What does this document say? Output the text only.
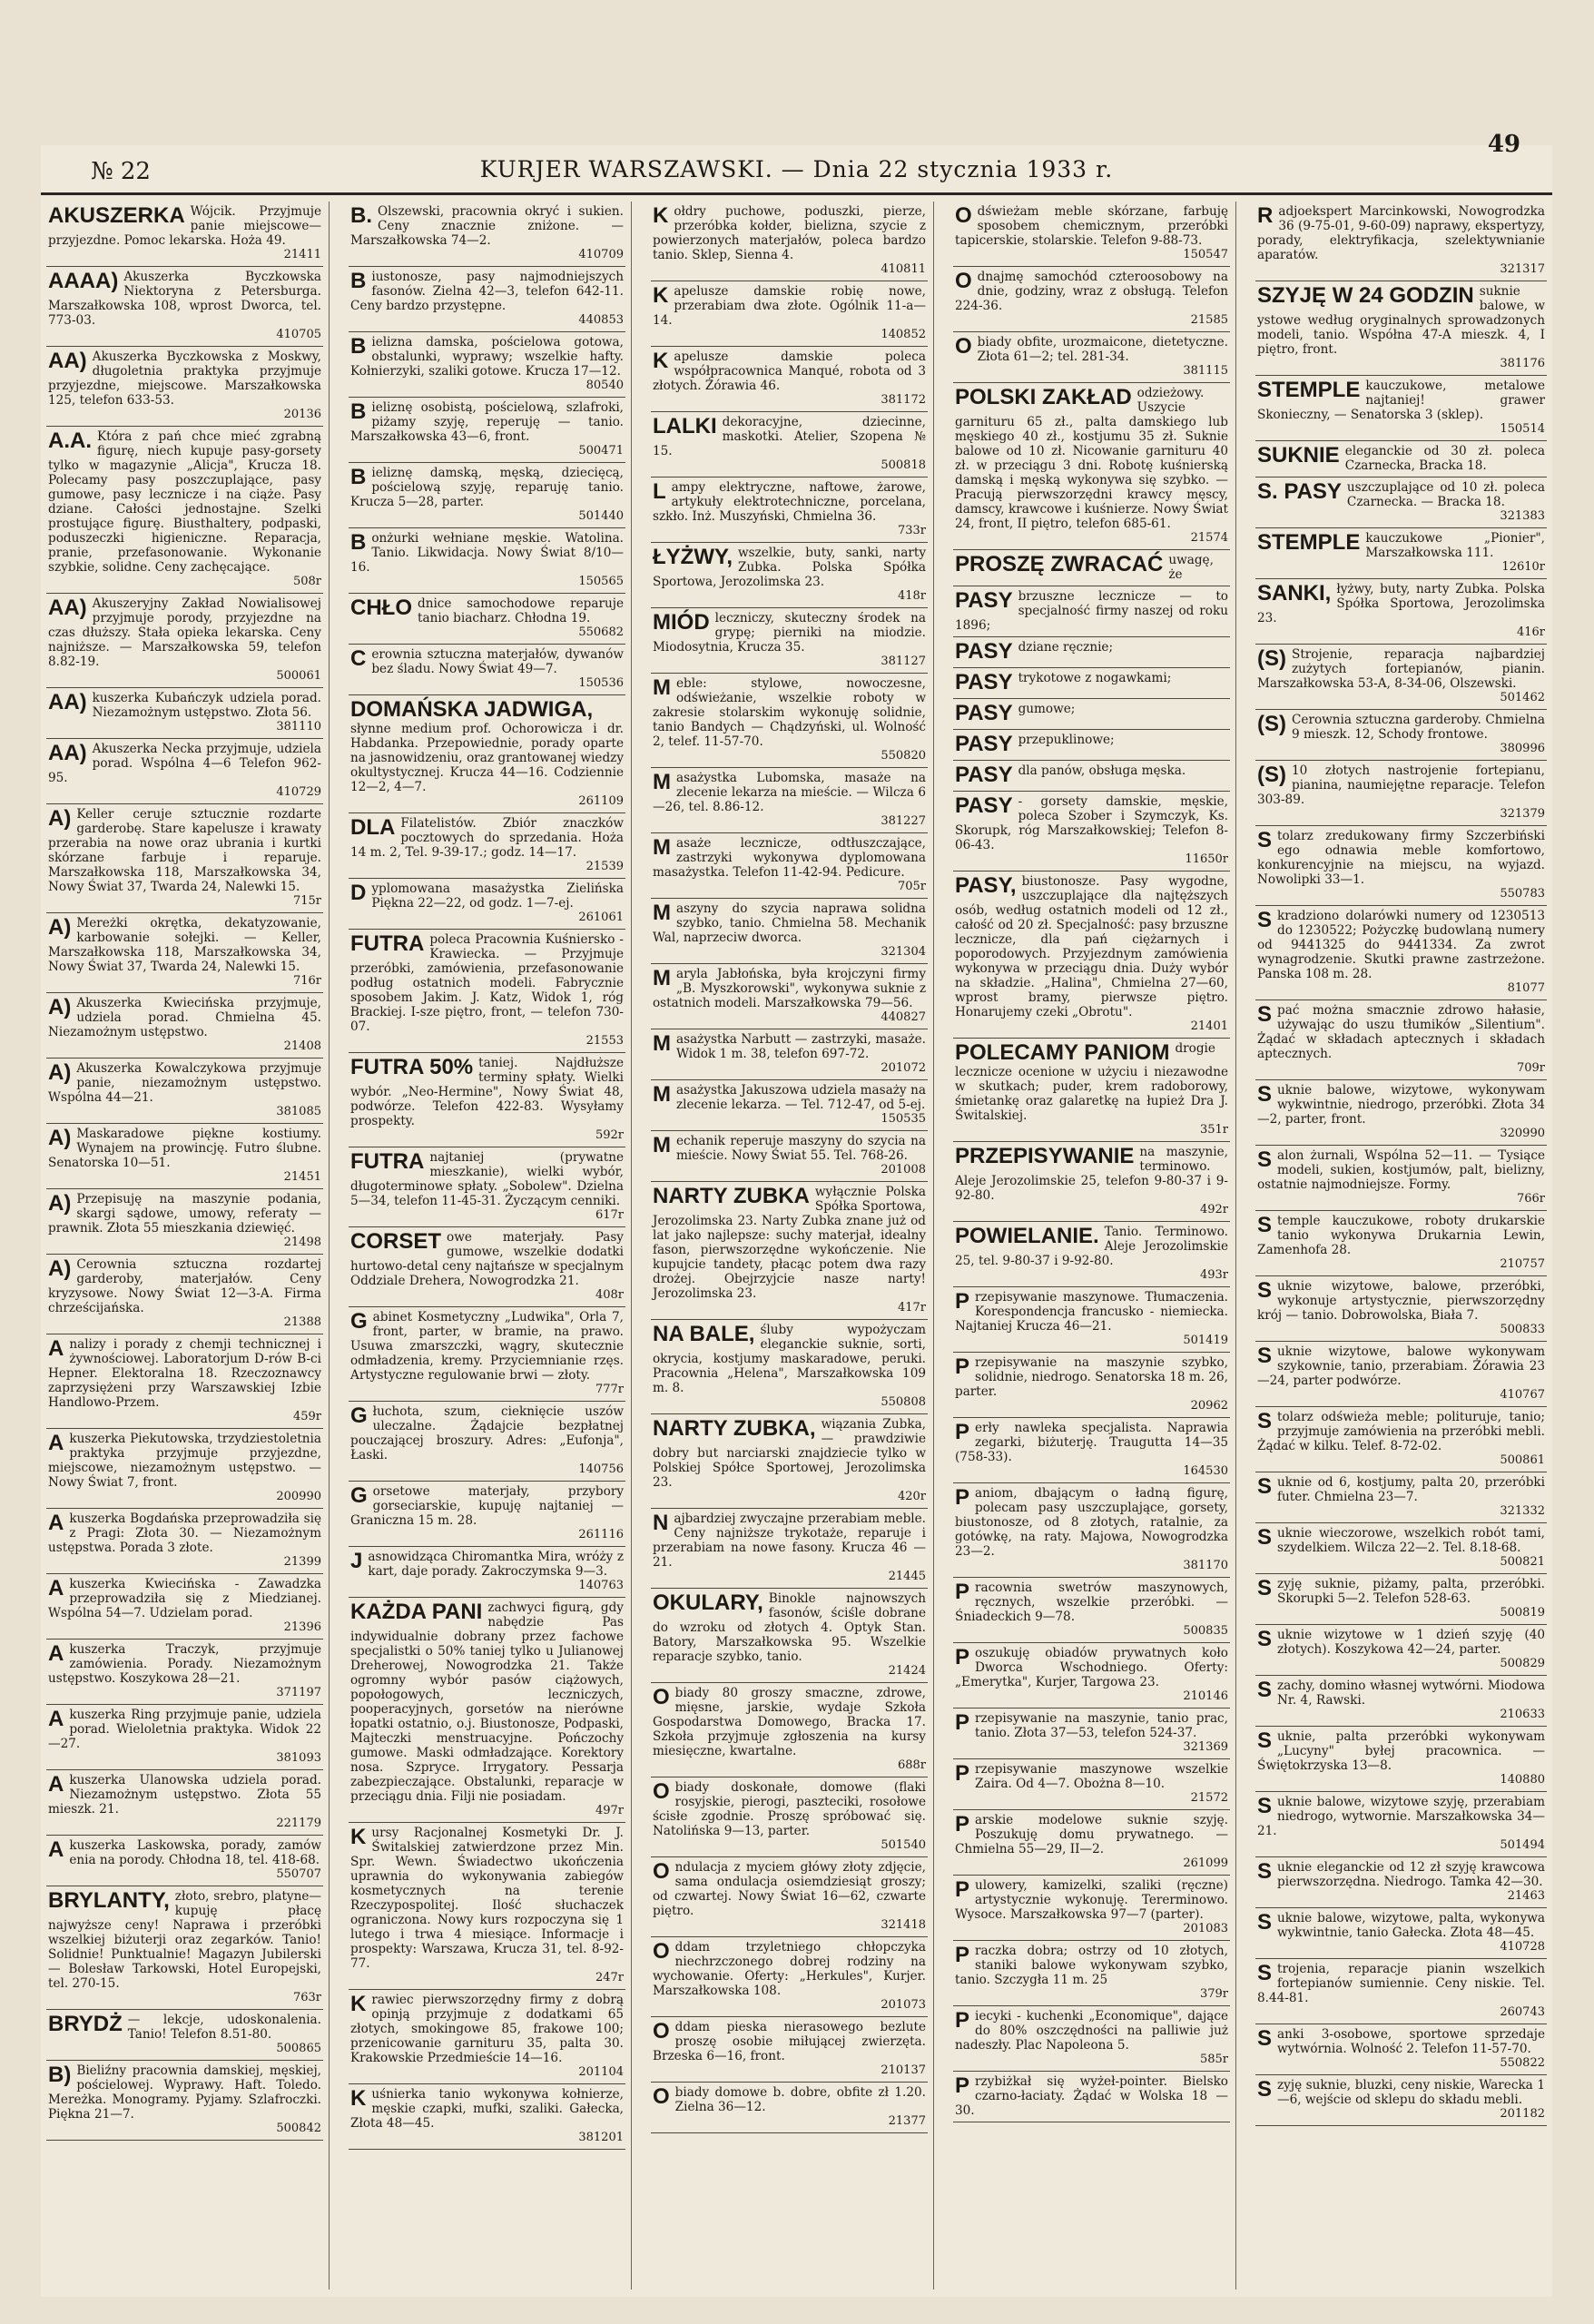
№ 22	KURJER WARSZAWSKI. — Dnia 22 stycznia 1933 r.
49
AKUSZERKA Wójcik. Przyjmuje panie miejscowe—przyjezdne. Pomoc lekarska. Hoża 49.
21411
AAAA) Akuszerka Byczkowska Niektoryna z Petersburga. Marszałkowska 108, wprost Dworca, tel. 773-03.
410705
AA) Akuszerka Byczkowska z Moskwy, długoletnia praktyka przyjmuje przyjezdne, miejscowe. Marszałkowska 125, telefon 633-53.
20136
A.A. Która z pań chce mieć zgrabną figurę, niech kupuje pasy-gorsety tylko w magazynie „Alicja", Krucza 18. Polecamy pasy poszczuplające, pasy gumowe, pasy lecznicze i na ciąże. Pasy dziane. Całości jednostajne. Szelki prostujące figurę. Biusthaltery, podpaski, poduszeczki higieniczne. Reparacja, pranie, przefasonowanie. Wykonanie szybkie, solidne. Ceny zachęcające.
508r
AA) Akuszeryjny Zakład Nowialisowej przyjmuje porody, przyjezdne na czas dłuższy. Stała opieka lekarska. Ceny najniższe. — Marszałkowska 59, telefon 8.82-19.
500061
AA) kuszerka Kubańczyk udziela porad. Niezamożnym ustępstwo. Złota 56.
381110
AA) Akuszerka Necka przyjmuje, udziela porad. Wspólna 4—6 Telefon 962-95.
410729
A) Keller ceruje sztucznie rozdarte garderobę. Stare kapelusze i krawaty przerabia na nowe oraz ubrania i kurtki skórzane farbuje i reparuje. Marszałkowska 118, Marszałkowska 34, Nowy Świat 37, Twarda 24, Nalewki 15.
715r
A) Mereżki okrętka, dekatyzowanie, karbowanie sołejki. — Keller, Marszałkowska 118, Marszałkowska 34, Nowy Świat 37, Twarda 24, Nalewki 15.
716r
A) Akuszerka Kwiecińska przyjmuje, udziela porad. Chmielna 45. Niezamożnym ustępstwo.
21408
A) Akuszerka Kowalczykowa przyjmuje panie, niezamożnym ustępstwo. Wspólna 44—21.
381085
A) Maskaradowe piękne kostiumy. Wynajem na prowincję. Futro ślubne. Senatorska 10—51.
21451
A) Przepisuję na maszynie podania, skargi sądowe, umowy, referaty — prawnik. Złota 55 mieszkania dziewięć.
21498
A) Cerownia sztuczna rozdartej garderoby, materjałów. Ceny kryzysowe. Nowy Świat 12—3-A. Firma chrześcijańska.
21388
Analizy i porady z chemji technicznej i żywnościowej. Laboratorjum D-rów B-ci Hepner. Elektoralna 18. Rzeczoznawcy zaprzysiężeni przy Warszawskiej Izbie Handlowo-Przem.
459r
Akuszerka Piekutowska, trzydziestoletnia praktyka przyjmuje przyjezdne, miejscowe, niezamożnym ustępstwo. — Nowy Świat 7, front.
200990
Akuszerka Bogdańska przeprowadziła się z Pragi: Złota 30. — Niezamożnym ustępstwa. Porada 3 złote.
21399
Akuszerka Kwiecińska - Zawadzka przeprowadziła się z Miedzianej. Wspólna 54—7. Udzielam porad.
21396
Akuszerka Traczyk, przyjmuje zamówienia. Porady. Niezamożnym ustępstwo. Koszykowa 28—21.
371197
Akuszerka Ring przyjmuje panie, udziela porad. Wieloletnia praktyka. Widok 22—27.
381093
Akuszerka Ulanowska udziela porad. Niezamożnym ustępstwo. Złota 55 mieszk. 21.
221179
Akuszerka Laskowska, porady, zamów enia na porody. Chłodna 18, tel. 418-68.
550707
BRYLANTY, złoto, srebro, platyne—kupuję płacę najwyższe ceny! Naprawa i przeróbki wszelkiej biżuterji oraz zegarków. Tanio! Solidnie! Punktualnie! Magazyn Jubilerski — Bolesław Tarkowski, Hotel Europejski, tel. 270-15.
763r
BRYDŻ — lekcje, udoskonalenia. Tanio! Telefon 8.51-80.
500865
B) Bieliźny pracownia damskiej, męskiej, pościelowej. Wyprawy. Haft. Toledo. Mereżka. Monogramy. Pyjamy. Szlafroczki. Piękna 21—7.
500842
B. Olszewski, pracownia okryć i sukien. Ceny znacznie zniżone. — Marszałkowska 74—2.
410709
Biustonosze, pasy najmodniejszych fasonów. Zielna 42—3, telefon 642-11. Ceny bardzo przystępne.
440853
Bielizna damska, pościelowa gotowa, obstalunki, wyprawy; wszelkie hafty. Kołnierzyki, szaliki gotowe. Krucza 17—12.
80540
Bieliznę osobistą, pościelową, szlafroki, piżamy szyję, reperuję — tanio. Marszałkowska 43—6, front.
500471
Bieliznę damską, męską, dziecięcą, pościelową szyję, reparuję tanio. Krucza 5—28, parter.
501440
Bonżurki wełniane męskie. Watolina. Tanio. Likwidacja. Nowy Świat 8/10—16.
150565
CHŁO dnice samochodowe reparuje tanio biacharz. Chłodna 19.
550682
Cerownia sztuczna materjałów, dywanów bez śladu. Nowy Świat 49—7.
150536
DOMAŃSKA JADWIGA,
słynne medium prof. Ochorowicza i dr. Habdanka. Przepowiednie, porady oparte na jasnowidzeniu, oraz grantowanej wiedzy okultystycznej. Krucza 44—16. Codziennie 12—2, 4—7.
261109
DLA Filatelistów. Zbiór znaczków pocztowych do sprzedania. Hoża 14 m. 2, Tel. 9-39-17.; godz. 14—17.
21539
Dyplomowana masażystka Zielińska Piękna 22—22, od godz. 1—7-ej.
261061
FUTRA poleca Pracownia Kuśniersko - Krawiecka. — Przyjmuje przeróbki, zamówienia, przefasonowanie podług ostatnich modeli. Fabrycznie sposobem Jakim. J. Katz, Widok 1, róg Brackiej. I-sze piętro, front, — telefon 730-07.
21553
FUTRA 50% taniej. Najdłuższe terminy spłaty. Wielki wybór. „Neo-Hermine", Nowy Świat 48, podwórze. Telefon 422-83. Wysyłamy prospekty.
592r
FUTRA najtaniej (prywatne mieszkanie), wielki wybór, długoterminowe spłaty. „Sobolew". Dzielna 5—34, telefon 11-45-31. Życzącym cenniki.
617r
CORSET owe materjały. Pasy gumowe, wszelkie dodatki hurtowo-detal ceny najtańsze w specjalnym Oddziale Drehera, Nowogrodzka 21.
408r
Gabinet Kosmetyczny „Ludwika", Orla 7, front, parter, w bramie, na prawo. Usuwa zmarszczki, wągry, skutecznie odmładzenia, kremy. Przyciemnianie rzęs. Artystyczne regulowanie brwi — złoty.
777r
Głuchota, szum, cieknięcie uszów uleczalne. Żądajcie bezpłatnej pouczającej broszury. Adres: „Eufonja", Łaski.
140756
Gorsetowe materjały, przybory gorseciarskie, kupuję najtaniej — Graniczna 15 m. 28.
261116
Jasnowidząca Chiromantka Mira, wróży z kart, daje porady. Zakroczymska 9—3.
140763
KAŻDA PANI zachwyci figurą, gdy nabędzie Pas indywidualnie dobrany przez fachowe specjalistki o 50% taniej tylko u Julianowej Dreherowej, Nowogrodzka 21. Także ogromny wybór pasów ciążowych, popołogowych, leczniczych, pooperacyjnych, gorsetów na nierówne łopatki ostatnio, o.j. Biustonosze, Podpaski, Majteczki menstruacyjne. Pończochy gumowe. Maski odmładzające. Korektory nosa. Szpryce. Irrygatory. Pessarja zabezpieczające. Obstalunki, reparacje w przeciągu dnia. Filji nie posiadam.
497r
Kursy Racjonalnej Kosmetyki Dr. J. Świtalskiej zatwierdzone przez Min. Spr. Wewn. Świadectwo ukończenia uprawnia do wykonywania zabiegów kosmetycznych na terenie Rzeczypospolitej. Ilość słuchaczek ograniczona. Nowy kurs rozpoczyna się 1 lutego i trwa 4 miesiące. Informacje i prospekty: Warszawa, Krucza 31, tel. 8-92-77.
247r
Krawiec pierwszorzędny firmy z dobrą opinją przyjmuje z dodatkami 65 złotych, smokingowe 85, frakowe 100; przenicowanie garnituru 35, palta 30. Krakowskie Przedmieście 14—16.
201104
Kuśnierka tanio wykonywa kołnierze, męskie czapki, mufki, szaliki. Gałecka, Złota 48—45.
381201
Kołdry puchowe, poduszki, pierze, przeróbka kołder, bielizna, szycie z powierzonych materjałów, poleca bardzo tanio. Sklep, Sienna 4.
410811
Kapelusze damskie robię nowe, przerabiam dwa złote. Ogólnik 11-a—14.
140852
Kapelusze damskie poleca współpracownica Manqué, robota od 3 złotych. Żórawia 46.
381172
LALKI dekoracyjne, dziecinne, maskotki. Atelier, Szopena № 15.
500818
Lampy elektryczne, naftowe, żarowe, artykuły elektrotechniczne, porcelana, szkło. Inż. Muszyński, Chmielna 36.
733r
ŁYŻWY, wszelkie, buty, sanki, narty Zubka. Polska Spółka Sportowa, Jerozolimska 23.
418r
MIÓD leczniczy, skuteczny środek na grypę; pierniki na miodzie. Miodosytnia, Krucza 35.
381127
Meble: stylowe, nowoczesne, odświeżanie, wszelkie roboty w zakresie stolarskim wykonuję solidnie, tanio Bandych — Chądzyński, ul. Wolność 2, telef. 11-57-70.
550820
Masażystka Lubomska, masaże na zlecenie lekarza na mieście. — Wilcza 6—26, tel. 8.86-12.
381227
Masaże lecznicze, odtłuszczające, zastrzyki wykonywa dyplomowana masażystka. Telefon 11-42-94. Pedicure.
705r
Maszyny do szycia naprawa solidna szybko, tanio. Chmielna 58. Mechanik Wal, naprzeciw dworca.
321304
Maryla Jabłońska, była krojczyni firmy „B. Myszkorowski", wykonywa suknie z ostatnich modeli. Marszałkowska 79—56.
440827
Masażystka Narbutt — zastrzyki, masaże. Widok 1 m. 38, telefon 697-72.
201072
Masażystka Jakuszowa udziela masaży na zlecenie lekarza. — Tel. 712-47, od 5-ej.
150535
Mechanik reperuje maszyny do szycia na mieście. Nowy Świat 55. Tel. 768-26.
201008
NARTY ZUBKA wyłącznie Polska Spółka Sportowa, Jerozolimska 23. Narty Zubka znane już od lat jako najlepsze: suchy materjał, idealny fason, pierwszorzędne wykończenie. Nie kupujcie tandety, płacąc potem dwa razy drożej. Obejrzyjcie nasze narty! Jerozolimska 23.
417r
NA BALE, śluby wypożyczam eleganckie suknie, sorti, okrycia, kostjumy maskaradowe, peruki. Pracownia „Helena", Marszałkowska 109 m. 8.
550808
NARTY ZUBKA, wiązania Zubka, — prawdziwie dobry but narciarski znajdziecie tylko w Polskiej Spółce Sportowej, Jerozolimska 23.
420r
Najbardziej zwyczajne przerabiam meble. Ceny najniższe trykotaże, reparuje i przerabiam na nowe fasony. Krucza 46 — 21.
21445
OKULARY, Binokle najnowszych fasonów, ściśle dobrane do wzroku od złotych 4. Optyk Stan. Batory, Marszałkowska 95. Wszelkie reparacje szybko, tanio.
21424
Obiady 80 groszy smaczne, zdrowe, mięsne, jarskie, wydaje Szkoła Gospodarstwa Domowego, Bracka 17. Szkoła przyjmuje zgłoszenia na kursy miesięczne, kwartalne.
688r
Obiady doskonałe, domowe (flaki rosyjskie, pierogi, paszteciki, rosołowe ścisłe zgodnie. Proszę spróbować się. Natolińska 9—13, parter.
501540
Ondulacja z myciem główy złoty zdjęcie, sama ondulacja osiemdziesiąt groszy; od czwartej. Nowy Świat 16—62, czwarte piętro.
321418
Oddam trzyletniego chłopczyka niechrzczonego dobrej rodziny na wychowanie. Oferty: „Herkules", Kurjer. Marszałkowska 108.
201073
Oddam pieska nierasowego bezlute proszę osobie miłującej zwierzęta. Brzeska 6—16, front.
210137
Obiady domowe b. dobre, obfite zł 1.20. Zielna 36—12.
21377
Odświeżam meble skórzane, farbuję sposobem chemicznym, przeróbki tapicerskie, stolarskie. Telefon 9-88-73.
150547
Odnajmę samochód czteroosobowy na dnie, godziny, wraz z obsługą. Telefon 224-36.
21585
Obiady obfite, urozmaicone, dietetyczne. Złota 61—2; tel. 281-34.
381115
POLSKI ZAKŁAD odzieżowy. Uszycie garnituru 65 zł., palta damskiego lub męskiego 40 zł., kostjumu 35 zł. Suknie balowe od 10 zł. Nicowanie garnituru 40 zł. w przeciągu 3 dni. Robotę kuśnierską damską i męską wykonywa się szybko. — Pracują pierwszorzędni krawcy męscy, damscy, krawcowe i kuśnierze. Nowy Świat 24, front, II piętro, telefon 685-61.
21574
PROSZĘ ZWRACAĆ uwagę, że
PASY brzuszne lecznicze — to specjalność firmy naszej od roku 1896;
PASY dziane ręcznie;
PASY trykotowe z nogawkami;
PASY gumowe;
PASY przepuklinowe;
PASY dla panów, obsługa męska.
PASY - gorsety damskie, męskie, poleca Szober i Szymczyk, Ks. Skorupk, róg Marszałkowskiej; Telefon 8-06-43.
11650r
PASY, biustonosze. Pasy wygodne, uszczuplające dla najtęższych osób, według ostatnich modeli od 12 zł., całość od 20 zł. Specjalność: pasy brzuszne lecznicze, dla pań ciężarnych i poporodowych. Przyjezdnym zamówienia wykonywa w przeciągu dnia. Duży wybór na składzie. „Halina", Chmielna 27—60, wprost bramy, pierwsze piętro. Honarujemy czeki „Obrotu".
21401
POLECAMY PANIOM drogie lecznicze ocenione w użyciu i niezawodne w skutkach; puder, krem radoborowy, śmietankę oraz galaretkę na łupież Dra J. Świtalskiej.
351r
PRZEPISYWANIE na maszynie, terminowo. Aleje Jerozolimskie 25, telefon 9-80-37 i 9-92-80.
492r
POWIELANIE. Tanio. Terminowo. Aleje Jerozolimskie 25, tel. 9-80-37 i 9-92-80.
493r
Przepisywanie maszynowe. Tłumaczenia. Korespondencja francusko - niemiecka. Najtaniej Krucza 46—21.
501419
Przepisywanie na maszynie szybko, solidnie, niedrogo. Senatorska 18 m. 26, parter.
20962
Perły nawleka specjalista. Naprawia zegarki, biżuterję. Traugutta 14—35 (758-33).
164530
Paniom, dbającym o ładną figurę, polecam pasy uszczuplające, gorsety, biustonosze, od 8 złotych, ratalnie, za gotówkę, na raty. Majowa, Nowogrodzka 23—2.
381170
Pracownia swetrów maszynowych, ręcznych, wszelkie przeróbki. — Śniadeckich 9—78.
500835
Poszukuję obiadów prywatnych koło Dworca Wschodniego. Oferty: „Emerytka", Kurjer, Targowa 23.
210146
Przepisywanie na maszynie, tanio prac, tanio. Złota 37—53, telefon 524-37.
321369
Przepisywanie maszynowe wszelkie Zaira. Od 4—7. Obożna 8—10.
21572
Parskie modelowe suknie szyję. Poszukuję domu prywatnego. — Chmielna 55—29, II—2.
261099
Pulowery, kamizelki, szaliki (ręczne) artystycznie wykonuję. Tererminowo. Wysoce. Marszałkowska 97—7 (parter).
201083
Praczka dobra; ostrzy od 10 złotych, staniki balowe wykonywam szybko, tanio. Szczygła 11 m. 25
379r
Piecyki - kuchenki „Economique", dające do 80% oszczędności na palliwie już nadeszły. Plac Napoleona 5.
585r
Przybiżkał się wyżeł-pointer. Bielsko czarno-łaciaty. Żądać w Wolska 18 — 30.
Radjoekspert Marcinkowski, Nowogrodzka 36 (9-75-01, 9-60-09) naprawy, ekspertyzy, porady, elektryfikacja, szelektywnianie aparatów.
321317
SZYJĘ W 24 GODZIN suknie balowe, w ystowe według oryginalnych sprowadzonych modeli, tanio. Współna 47-A mieszk. 4, I piętro, front.
381176
STEMPLE kauczukowe, metalowe najtaniej! grawer Skonieczny, — Senatorska 3 (sklep).
150514
SUKNIE eleganckie od 30 zł. poleca Czarnecka, Bracka 18.
S. PASY uszczuplające od 10 zł. poleca Czarnecka. — Bracka 18.
321383
STEMPLE kauczukowe „Pionier", Marszałkowska 111.
12610r
SANKI, łyżwy, buty, narty Zubka. Polska Spółka Sportowa, Jerozolimska 23.
416r
(S) Strojenie, reparacja najbardziej zużytych fortepianów, pianin. Marszałkowska 53-A, 8-34-06, Olszewski.
501462
(S) Cerownia sztuczna garderoby. Chmielna 9 mieszk. 12, Schody frontowe.
380996
(S) 10 złotych nastrojenie fortepianu, pianina, naumiejętne reparacje. Telefon 303-89.
321379
Stolarz zredukowany firmy Szczerbiński ego odnawia meble komfortowo, konkurencyjnie na miejscu, na wyjazd. Nowolipki 33—1.
550783
Skradziono dolarówki numery od 1230513 do 1230522; Pożyczkę budowlaną numery od 9441325 do 9441334. Za zwrot wynagrodzenie. Skutki prawne zastrzeżone. Panska 108 m. 28.
81077
Spać można smacznie zdrowo hałasie, używając do uszu tłumików „Silentium". Żądać w składach aptecznych i składach aptecznych.
709r
Suknie balowe, wizytowe, wykonywam wykwintnie, niedrogo, przeróbki. Złota 34—2, parter, front.
320990
Salon żurnali, Wspólna 52—11. — Tysiące modeli, sukien, kostjumów, palt, bielizny, ostatnie najmodniejsze. Formy.
766r
Stemple kauczukowe, roboty drukarskie tanio wykonywa Drukarnia Lewin, Zamenhofa 28.
210757
Suknie wizytowe, balowe, przeróbki, wykonuje artystycznie, pierwszorzędny krój — tanio. Dobrowolska, Biała 7.
500833
Suknie wizytowe, balowe wykonywam szykownie, tanio, przerabiam. Żórawia 23—24, parter podwórze.
410767
Stolarz odświeża meble; polituruje, tanio; przyjmuje zamówienia na przeróbki mebli. Żądać w kilku. Telef. 8-72-02.
500861
Suknie od 6, kostjumy, palta 20, przeróbki futer. Chmielna 23—7.
321332
Suknie wieczorowe, wszelkich robót tami, szydelkiem. Wilcza 22—2. Tel. 8.18-68.
500821
Szyję suknie, piżamy, palta, przeróbki. Skorupki 5—2. Telefon 528-63.
500819
Suknie wizytowe w 1 dzień szyję (40 złotych). Koszykowa 42—24, parter.
500829
Szachy, domino własnej wytwórni. Miodowa Nr. 4, Rawski.
210633
Suknie, palta przeróbki wykonywam „Lucyny" byłej pracownica. — Świętokrzyska 13—8.
140880
Suknie balowe, wizytowe szyję, przerabiam niedrogo, wytwornie. Marszałkowska 34—21.
501494
Suknie eleganckie od 12 zł szyję krawcowa pierwszorzędna. Niedrogo. Tamka 42—30.
21463
Suknie balowe, wizytowe, palta, wykonywa wykwintnie, tanio Gałecka. Złota 48—45.
410728
Strojenia, reparacje pianin wszelkich fortepianów sumiennie. Ceny niskie. Tel. 8.44-81.
260743
Sanki 3-osobowe, sportowe sprzedaje wytwórnia. Wolność 2. Telefon 11-57-70.
550822
Szyję suknie, bluzki, ceny niskie, Warecka 1—6, wejście od sklepu do składu mebli.
201182
